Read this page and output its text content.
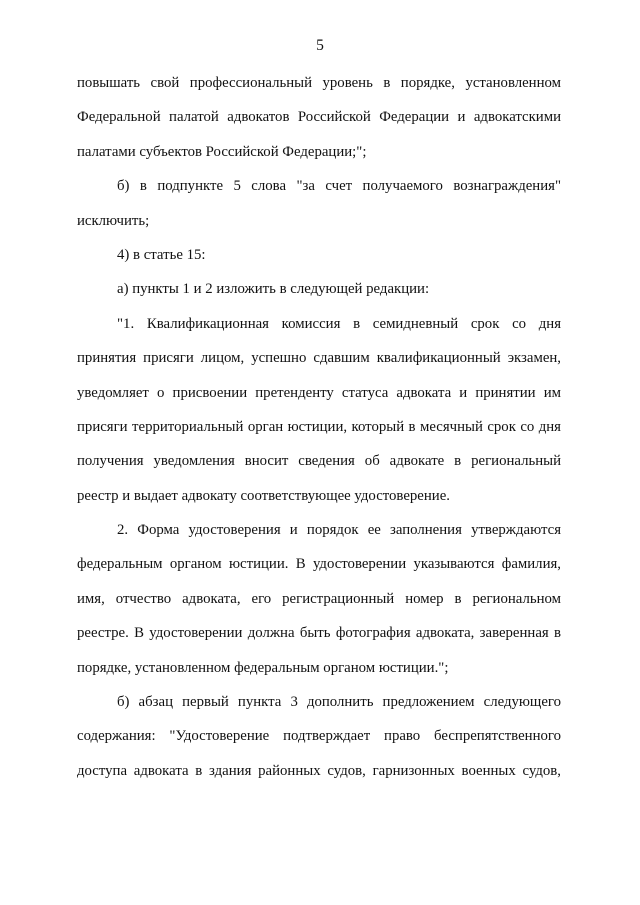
5
повышать свой профессиональный уровень в порядке, установленном
Федеральной палатой адвокатов Российской Федерации и адвокатскими
палатами субъектов Российской Федерации;";
б) в подпункте 5 слова "за счет получаемого вознаграждения"
исключить;
4) в статье 15:
а) пункты 1 и 2 изложить в следующей редакции:
"1. Квалификационная комиссия в семидневный срок со дня
принятия присяги лицом, успешно сдавшим квалификационный экзамен,
уведомляет о присвоении претенденту статуса адвоката и принятии им
присяги территориальный орган юстиции, который в месячный срок со дня
получения уведомления вносит сведения об адвокате в региональный
реестр и выдает адвокату соответствующее удостоверение.
2. Форма удостоверения и порядок ее заполнения утверждаются
федеральным органом юстиции. В удостоверении указываются фамилия,
имя, отчество адвоката, его регистрационный номер в региональном
реестре. В удостоверении должна быть фотография адвоката, заверенная в
порядке, установленном федеральным органом юстиции.";
б) абзац первый пункта 3 дополнить предложением следующего
содержания: "Удостоверение подтверждает право беспрепятственного
доступа адвоката в здания районных судов, гарнизонных военных судов,
